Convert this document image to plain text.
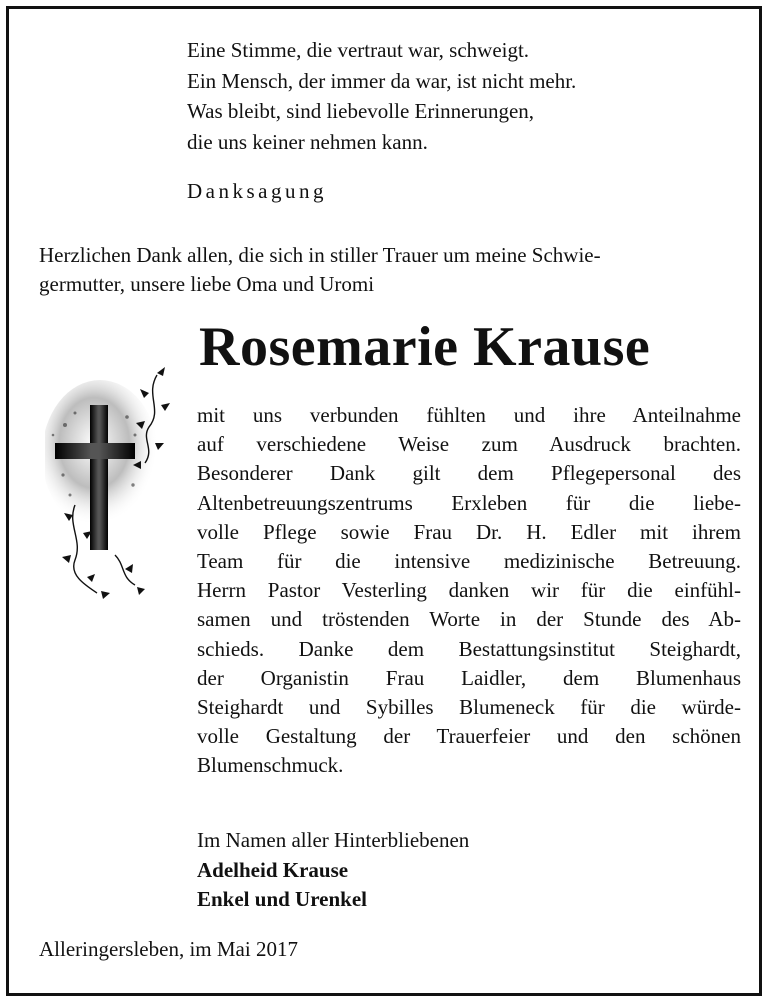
Eine Stimme, die vertraut war, schweigt.
Ein Mensch, der immer da war, ist nicht mehr.
Was bleibt, sind liebevolle Erinnerungen,
die uns keiner nehmen kann.
Danksagung
Herzlichen Dank allen, die sich in stiller Trauer um meine Schwie-
germutter, unsere liebe Oma und Uromi
Rosemarie Krause
mit uns verbunden fühlten und ihre Anteilnahme
auf verschiedene Weise zum Ausdruck brachten.
Besonderer Dank gilt dem Pflegepersonal des
Altenbetreuungszentrums Erxleben für die liebe-
volle Pflege sowie Frau Dr. H. Edler mit ihrem
Team für die intensive medizinische Betreuung.
Herrn Pastor Vesterling danken wir für die einfühl-
samen und tröstenden Worte in der Stunde des Ab-
schieds. Danke dem Bestattungsinstitut Steighardt,
der Organistin Frau Laidler, dem Blumenhaus
Steighardt und Sybilles Blumeneck für die würde-
volle Gestaltung der Trauerfeier und den schönen
Blumenschmuck.
Im Namen aller Hinterbliebenen
Adelheid Krause
Enkel und Urenkel
Alleringersleben, im Mai 2017
